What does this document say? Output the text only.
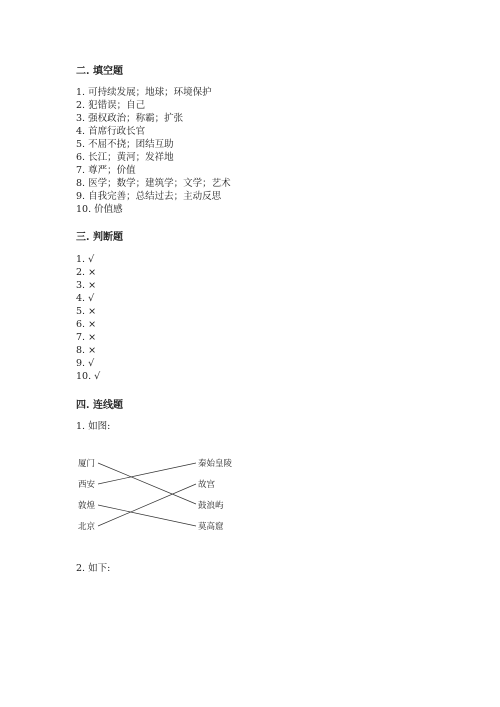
二. 填空题
1. 可持续发展；地球；环境保护
2. 犯错误；自己
3. 强权政治；称霸；扩张
4. 首席行政长官
5. 不屈不挠；团结互助
6. 长江；黄河；发祥地
7. 尊严；价值
8. 医学；数学；建筑学；文学；艺术
9. 自我完善；总结过去；主动反思
10. 价值感
三. 判断题
1. √
2. ×
3. ×
4. √
5. ×
6. ×
7. ×
8. ×
9. √
10. √
四. 连线题
1. 如图:
厦门
西安
敦煌
北京
秦始皇陵
故宫
鼓浪屿
莫高窟
2. 如下:
